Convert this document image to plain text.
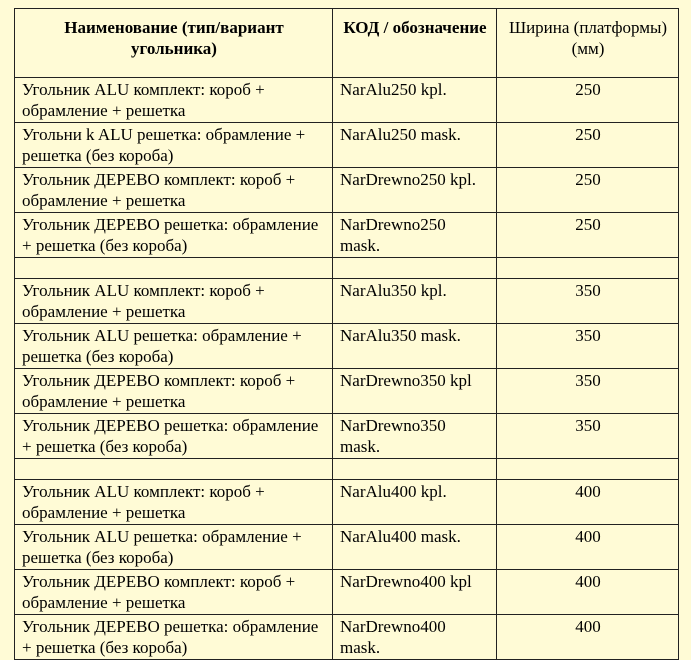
Наименование (тип/вариант угольника)	КОД / обозначение	Ширина (платформы) (мм)
Угольник ALU комплект: короб + обрамление + решетка	NarAlu250 kpl.	250
Угольни k ALU решетка: обрамление + решетка (без короба)	NarAlu250 mask.	250
Угольник ДЕРЕВО комплект: короб + обрамление + решетка	NarDrewno250 kpl.	250
Угольник ДЕРЕВО решетка: обрамление + решетка (без короба)	NarDrewno250 mask.	250

Угольник ALU комплект: короб + обрамление + решетка	NarAlu350 kpl.	350
Угольник ALU решетка: обрамление + решетка (без короба)	NarAlu350 mask.	350
Угольник ДЕРЕВО комплект: короб + обрамление + решетка	NarDrewno350 kpl	350
Угольник ДЕРЕВО решетка: обрамление + решетка (без короба)	NarDrewno350 mask.	350

Угольник ALU комплект: короб + обрамление + решетка	NarAlu400 kpl.	400
Угольник ALU решетка: обрамление + решетка (без короба)	NarAlu400 mask.	400
Угольник ДЕРЕВО комплект: короб + обрамление + решетка	NarDrewno400 kpl	400
Угольник ДЕРЕВО решетка: обрамление + решетка (без короба)	NarDrewno400 mask.	400
